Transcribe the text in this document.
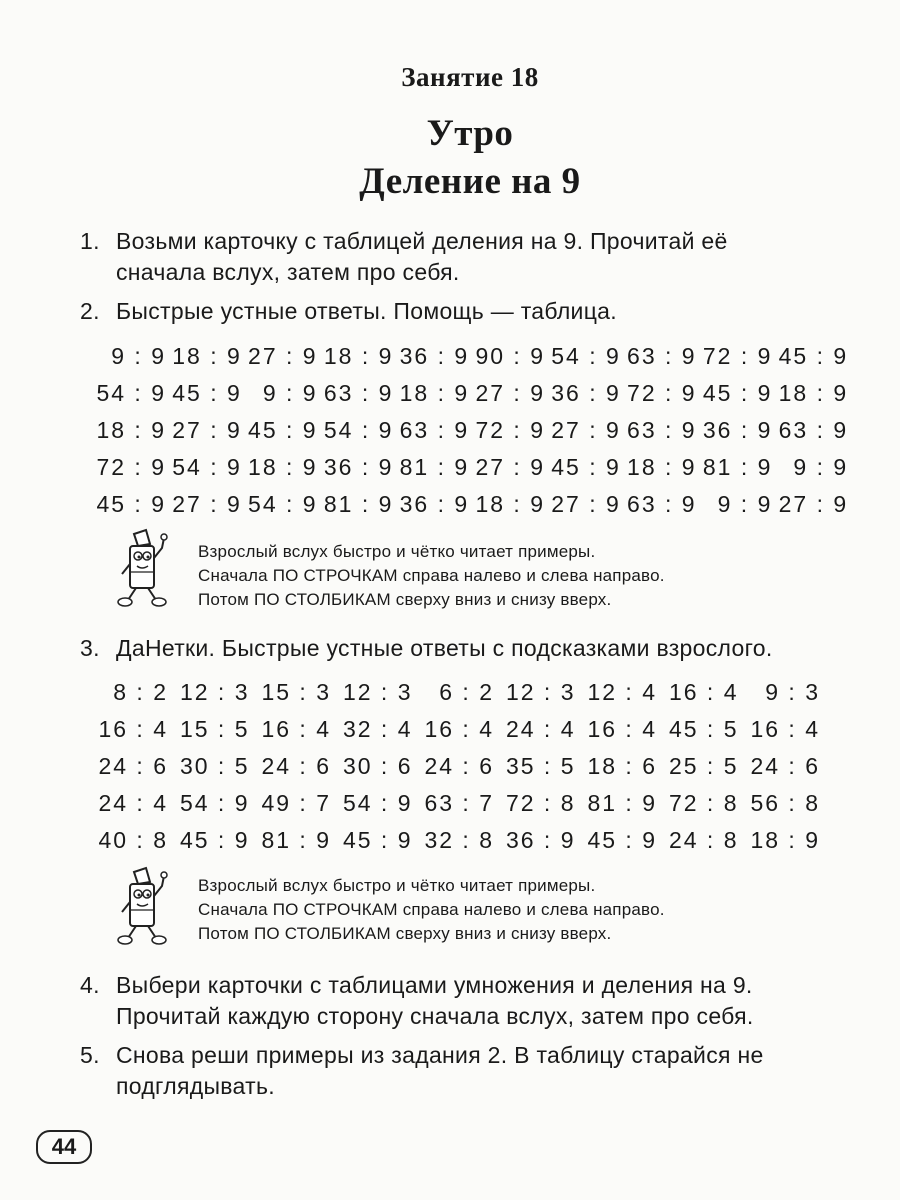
Занятие 18
Утро
Деление на 9
1. Возьми карточку с таблицей деления на 9. Прочитай её
сначала вслух, затем про себя.
2. Быстрые устные ответы. Помощь — таблица.
9 : 9 18 : 9 27 : 9 18 : 9 36 : 9 90 : 9 54 : 9 63 : 9 72 : 9 45 : 9
54 : 9 45 : 9 9 : 9 63 : 9 18 : 9 27 : 9 36 : 9 72 : 9 45 : 9 18 : 9
18 : 9 27 : 9 45 : 9 54 : 9 63 : 9 72 : 9 27 : 9 63 : 9 36 : 9 63 : 9
72 : 9 54 : 9 18 : 9 36 : 9 81 : 9 27 : 9 45 : 9 18 : 9 81 : 9 9 : 9
45 : 9 27 : 9 54 : 9 81 : 9 36 : 9 18 : 9 27 : 9 63 : 9 9 : 9 27 : 9
Взрослый вслух быстро и чётко читает примеры.
Сначала ПО СТРОЧКАМ справа налево и слева направо.
Потом ПО СТОЛБИКАМ сверху вниз и снизу вверх.
3. ДаНетки. Быстрые устные ответы с подсказками взрослого.
8 : 2 12 : 3 15 : 3 12 : 3	6 : 2 12 : 3 12 : 4 16 : 4	9 : 3
16 : 4 15 : 5 16 : 4 32 : 4 16 : 4 24 : 4 16 : 4 45 : 5 16 : 4
24 : 6 30 : 5 24 : 6 30 : 6 24 : 6 35 : 5 18 : 6 25 : 5 24 : 6
24 : 4 54 : 9 49 : 7 54 : 9 63 : 7 72 : 8 81 : 9 72 : 8 56 : 8
40 : 8 45 : 9 81 : 9 45 : 9 32 : 8 36 : 9 45 : 9 24 : 8 18 : 9
Взрослый вслух быстро и чётко читает примеры.
Сначала ПО СТРОЧКАМ справа налево и слева направо.
Потом ПО СТОЛБИКАМ сверху вниз и снизу вверх.
4. Выбери карточки с таблицами умножения и деления на 9.
Прочитай каждую сторону сначала вслух, затем про себя.
5. Снова реши примеры из задания 2. В таблицу старайся не
подглядывать.
44
